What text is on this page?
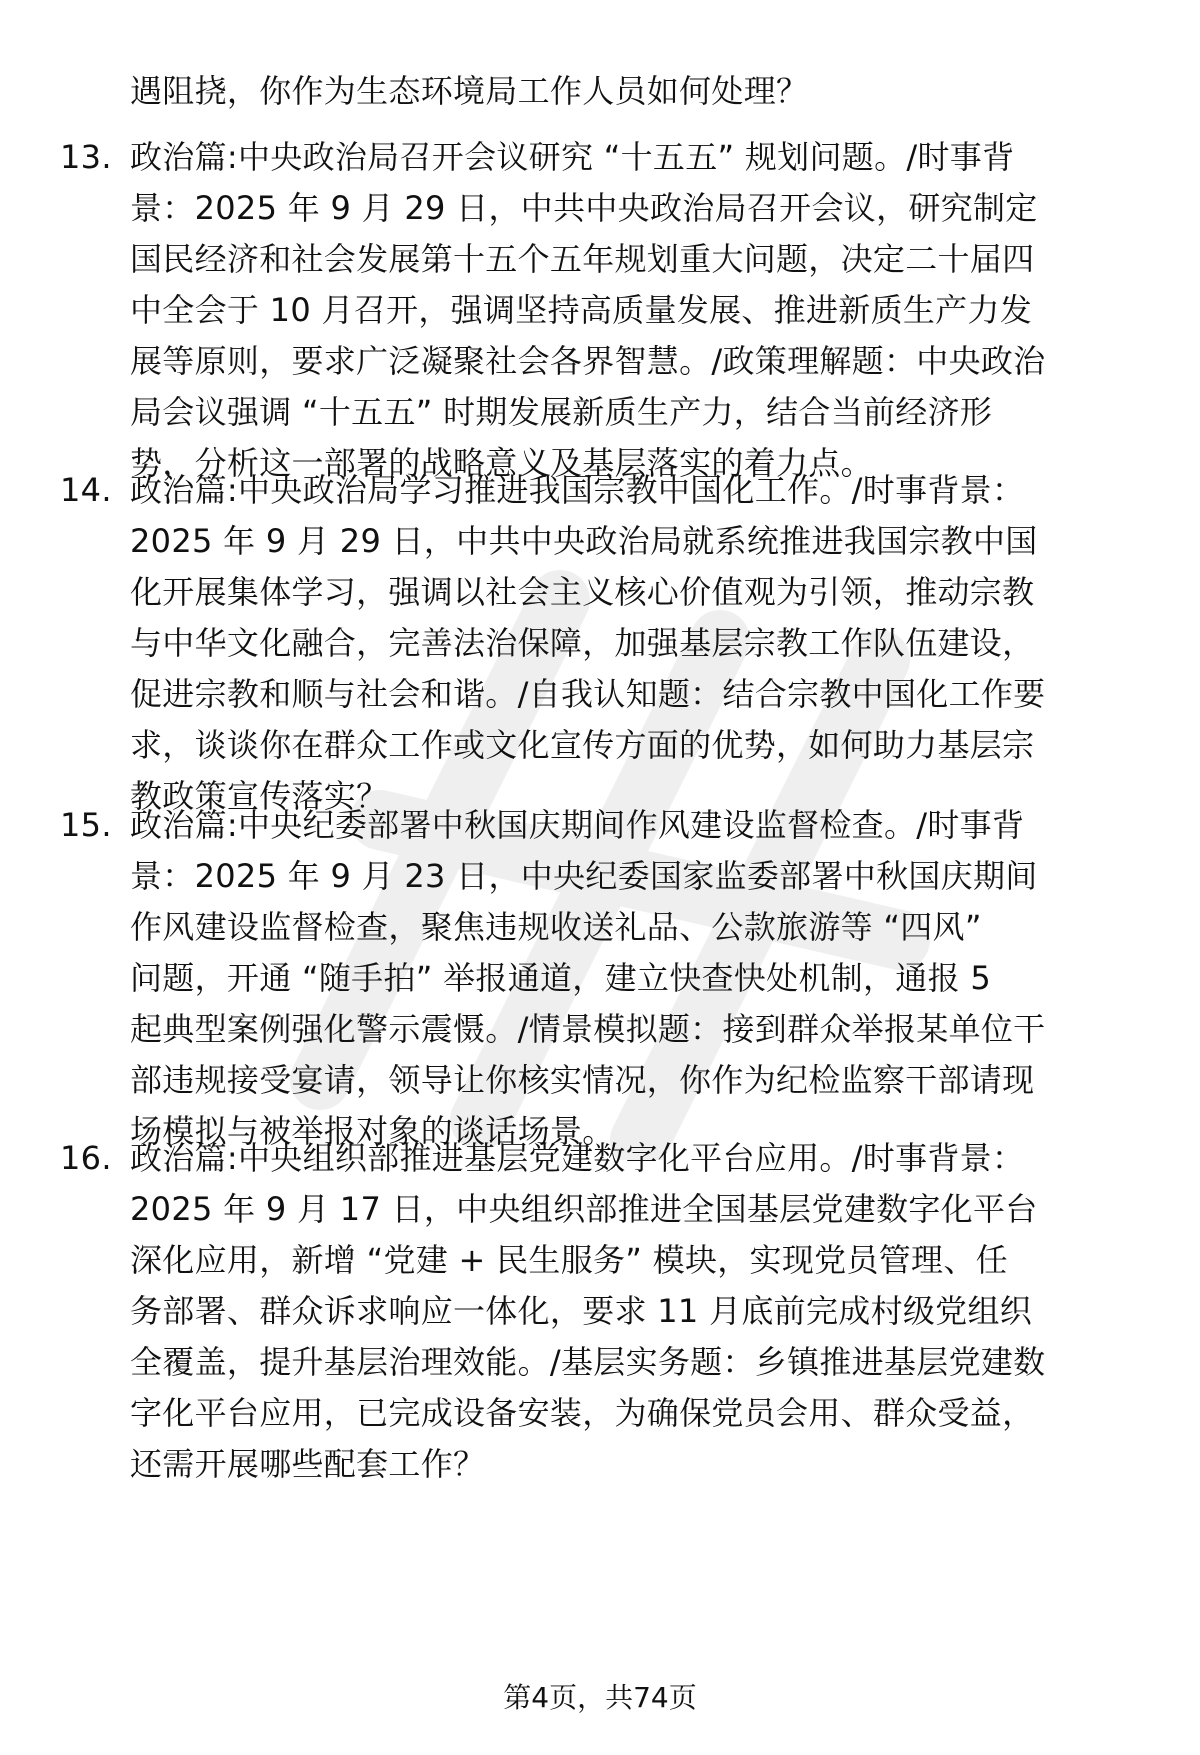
遇阻挠，你作为生态环境局工作人员如何处理？
13. 政治篇:中央政治局召开会议研究 “十五五” 规划问题。/时事背
景：2025 年 9 月 29 日，中共中央政治局召开会议，研究制定
国民经济和社会发展第十五个五年规划重大问题，决定二十届四
中全会于 10 月召开，强调坚持高质量发展、推进新质生产力发
展等原则，要求广泛凝聚社会各界智慧。/政策理解题：中央政治
局会议强调 “十五五” 时期发展新质生产力，结合当前经济形
势，分析这一部署的战略意义及基层落实的着力点。
14. 政治篇:中央政治局学习推进我国宗教中国化工作。/时事背景：
2025 年 9 月 29 日，中共中央政治局就系统推进我国宗教中国
化开展集体学习，强调以社会主义核心价值观为引领，推动宗教
与中华文化融合，完善法治保障，加强基层宗教工作队伍建设，
促进宗教和顺与社会和谐。/自我认知题：结合宗教中国化工作要
求，谈谈你在群众工作或文化宣传方面的优势，如何助力基层宗
教政策宣传落实？
15. 政治篇:中央纪委部署中秋国庆期间作风建设监督检查。/时事背
景：2025 年 9 月 23 日，中央纪委国家监委部署中秋国庆期间
作风建设监督检查，聚焦违规收送礼品、公款旅游等 “四风”
问题，开通 “随手拍” 举报通道，建立快查快处机制，通报 5
起典型案例强化警示震慑。/情景模拟题：接到群众举报某单位干
部违规接受宴请，领导让你核实情况，你作为纪检监察干部请现
场模拟与被举报对象的谈话场景。
16. 政治篇:中央组织部推进基层党建数字化平台应用。/时事背景：
2025 年 9 月 17 日，中央组织部推进全国基层党建数字化平台
深化应用，新增 “党建 + 民生服务” 模块，实现党员管理、任
务部署、群众诉求响应一体化，要求 11 月底前完成村级党组织
全覆盖，提升基层治理效能。/基层实务题：乡镇推进基层党建数
字化平台应用，已完成设备安装，为确保党员会用、群众受益，
还需开展哪些配套工作？
第4页，共74页
